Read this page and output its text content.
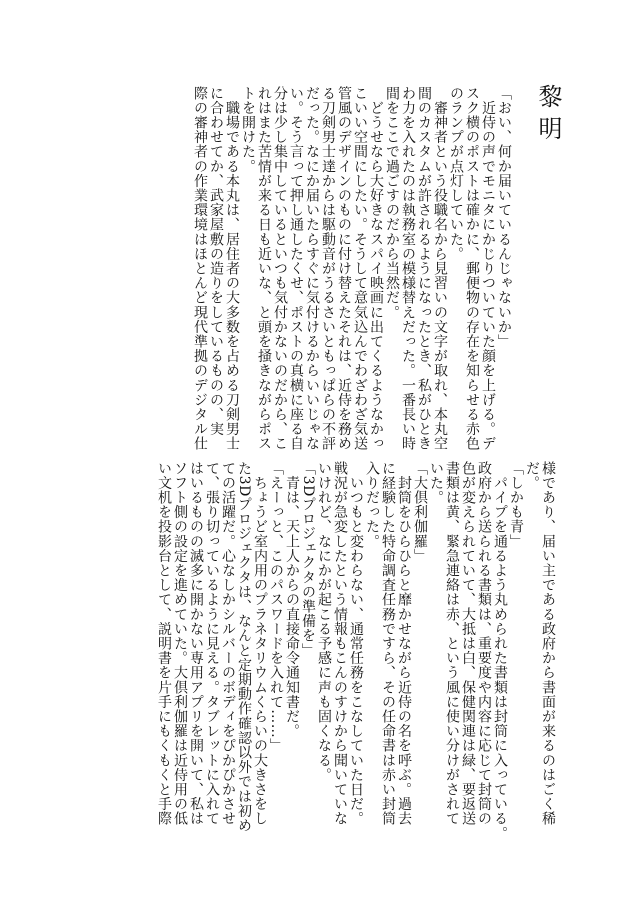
黎明

「おい、何か届いているんじゃないか」

　近侍の声でモニタにかじりついていた顔を上げる。デ

スク横のポストは確かに、郵便物の存在を知らせる赤色

のランプが点灯していた。

　審神者という役職名から見習いの文字が取れ、本丸空

間のカスタムが許されるようになったとき、私がひとき

わ力を入れたのは執務室の模様替えだった。一番長い時

間をここで過ごすのだから当然だ。

　どうせなら大好きなスパイ映画に出てくるようなかっ

こいい空間にしたい。そうして意気込んでわざわざ気送

管風のデザインのものに付け替えたそれは、近侍を務め

る刀剣男士達からは駆動音がうるさいともっぱらの不評

だった。なにか届いたらすぐに気付けるからいいじゃな

い。そう言って押し通したくせ、ポストの真横に座る自

分は少し集中しているといつも気付かないのだから、こ

れはまた苦情が来る日も近いな、と頭を掻きながらポス

トを開けた。

　職場である本丸は、居住者の大多数を占める刀剣男士

に合わせてか、武家屋敷の造りをしているものの、実

際の審神者の作業環境はほとんど現代準拠のデジタル仕

様であり、届い主である政府から書面が来るのはごく稀

だ。

「しかも青」

　パイプを通るよう丸められた書類は封筒に入っている。

政府から送られる書類は、重要度や内容に応じて封筒の

色が変えられていて、大抵は白、保健関連は緑、要返送

書類は黄、緊急連絡は赤、という風に使い分けがされて

いた。

「大倶利伽羅」

　封筒をひらひらと靡かせながら近侍の名を呼ぶ。過去

に経験した特命調査任務ですら、その任命書は赤い封筒

入りだった。

　いつもと変わらない、通常任務をこなしていた日だ。

戦況が急変したという情報もこんのすけから聞いていな

いけれど、なにかが起こる予感に声も固くなる。

「3Dプロジェクタの準備を」

　青は、天上人からの直接命令通知書だ。

「えーっと、このパスワードを入れて……」

　ちょうど室内用のプラネタリウムくらいの大きさをし

た3Dプロジェクタは、なんと定期動作確認以外では初め

ての活躍だ。心なしかシルバーのボディをぴかぴかさせ

て、張り切っているように見える。タブレットに入れて

はいるものの滅多に開かない専用アプリを開いて、私は

ソフト側の設定を進めていた。大倶利伽羅は近侍用の低

い文机を投影台として、説明書を片手にもくもくと手際
